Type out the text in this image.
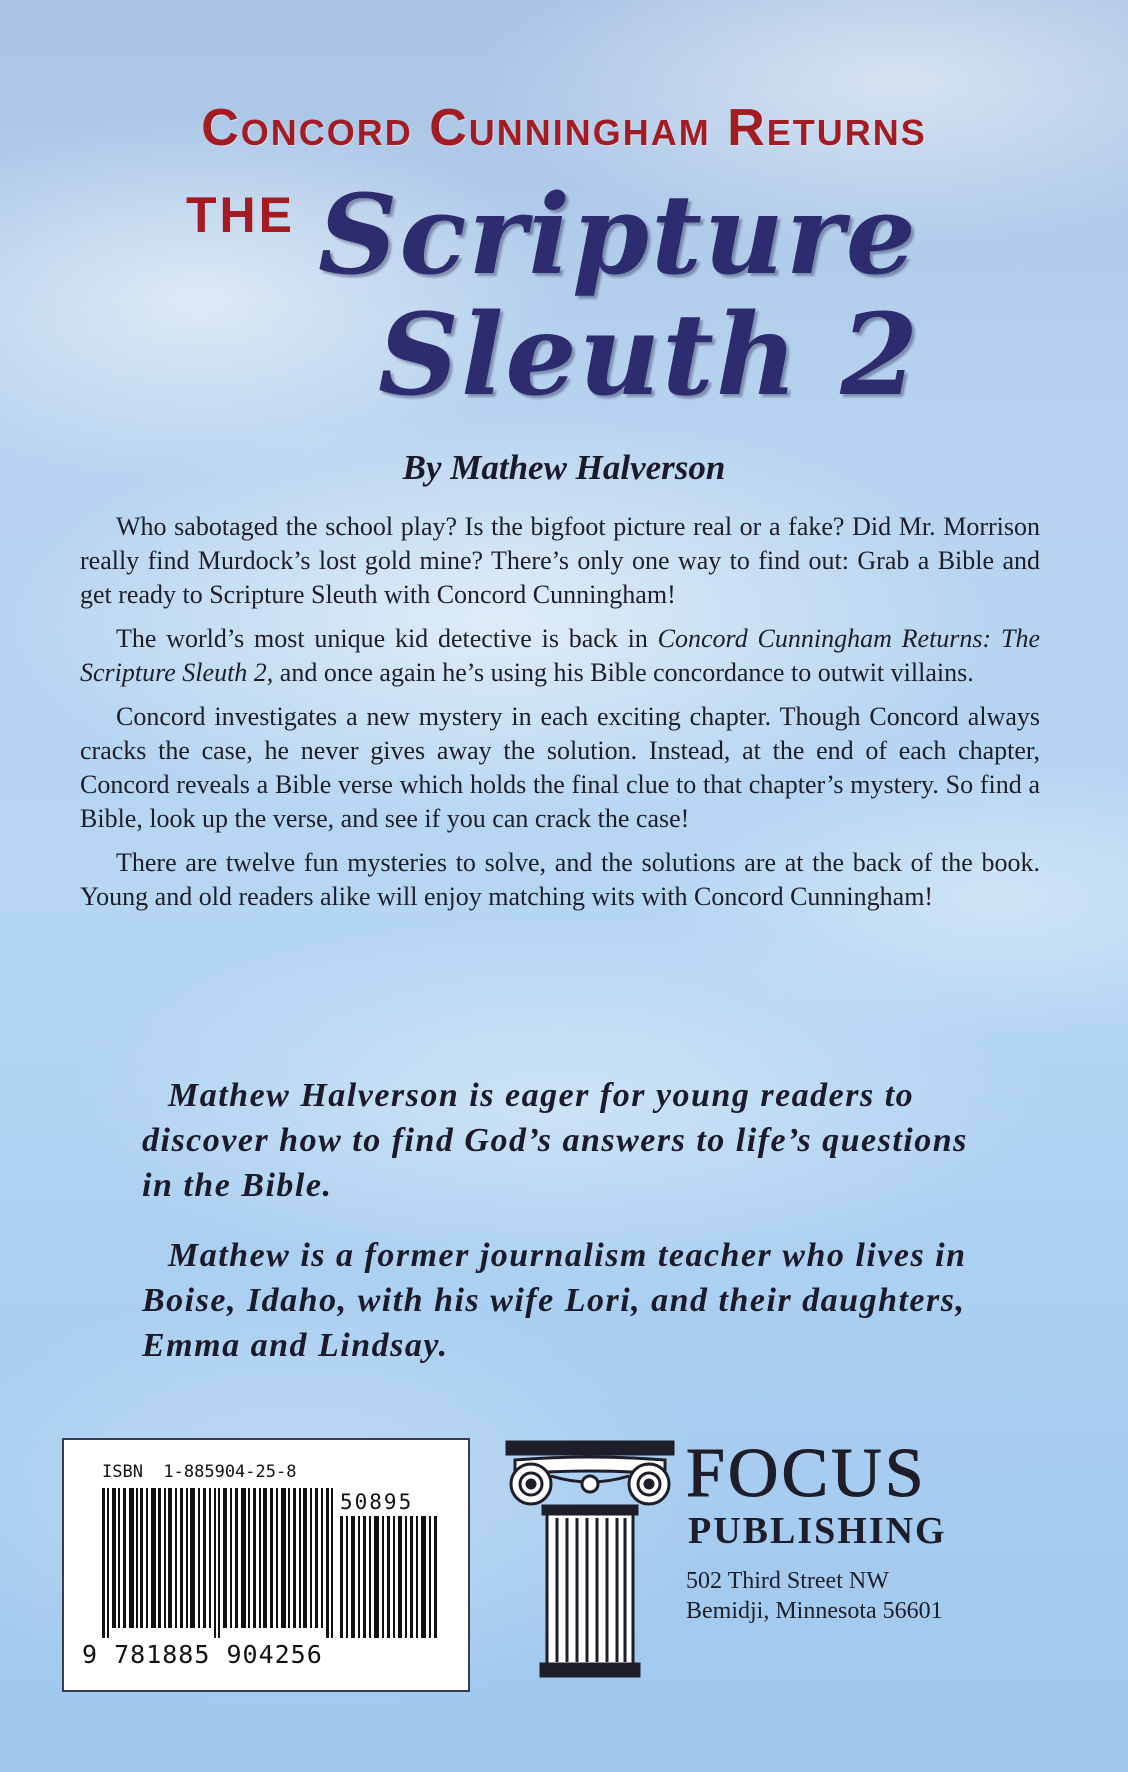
Concord Cunningham Returns
THE Scripture
Sleuth 2
By Mathew Halverson

Who sabotaged the school play? Is the bigfoot picture real or a fake? Did Mr. Morrison really find Murdock’s lost gold mine? There’s only one way to find out: Grab a Bible and get ready to Scripture Sleuth with Concord Cunningham!

The world’s most unique kid detective is back in Concord Cunningham Returns: The Scripture Sleuth 2, and once again he’s using his Bible concordance to outwit villains.

Concord investigates a new mystery in each exciting chapter. Though Concord always cracks the case, he never gives away the solution. Instead, at the end of each chapter, Concord reveals a Bible verse which holds the final clue to that chapter’s mystery. So find a Bible, look up the verse, and see if you can crack the case!

There are twelve fun mysteries to solve, and the solutions are at the back of the book. Young and old readers alike will enjoy matching wits with Concord Cunningham!

Mathew Halverson is eager for young readers to discover how to find God’s answers to life’s questions in the Bible.

Mathew is a former journalism teacher who lives in Boise, Idaho, with his wife Lori, and their daughters, Emma and Lindsay.

ISBN  1-885904-25-8
50895
9 781885 904256
FOCUS
PUBLISHING
502 Third Street NW
Bemidji, Minnesota 56601
